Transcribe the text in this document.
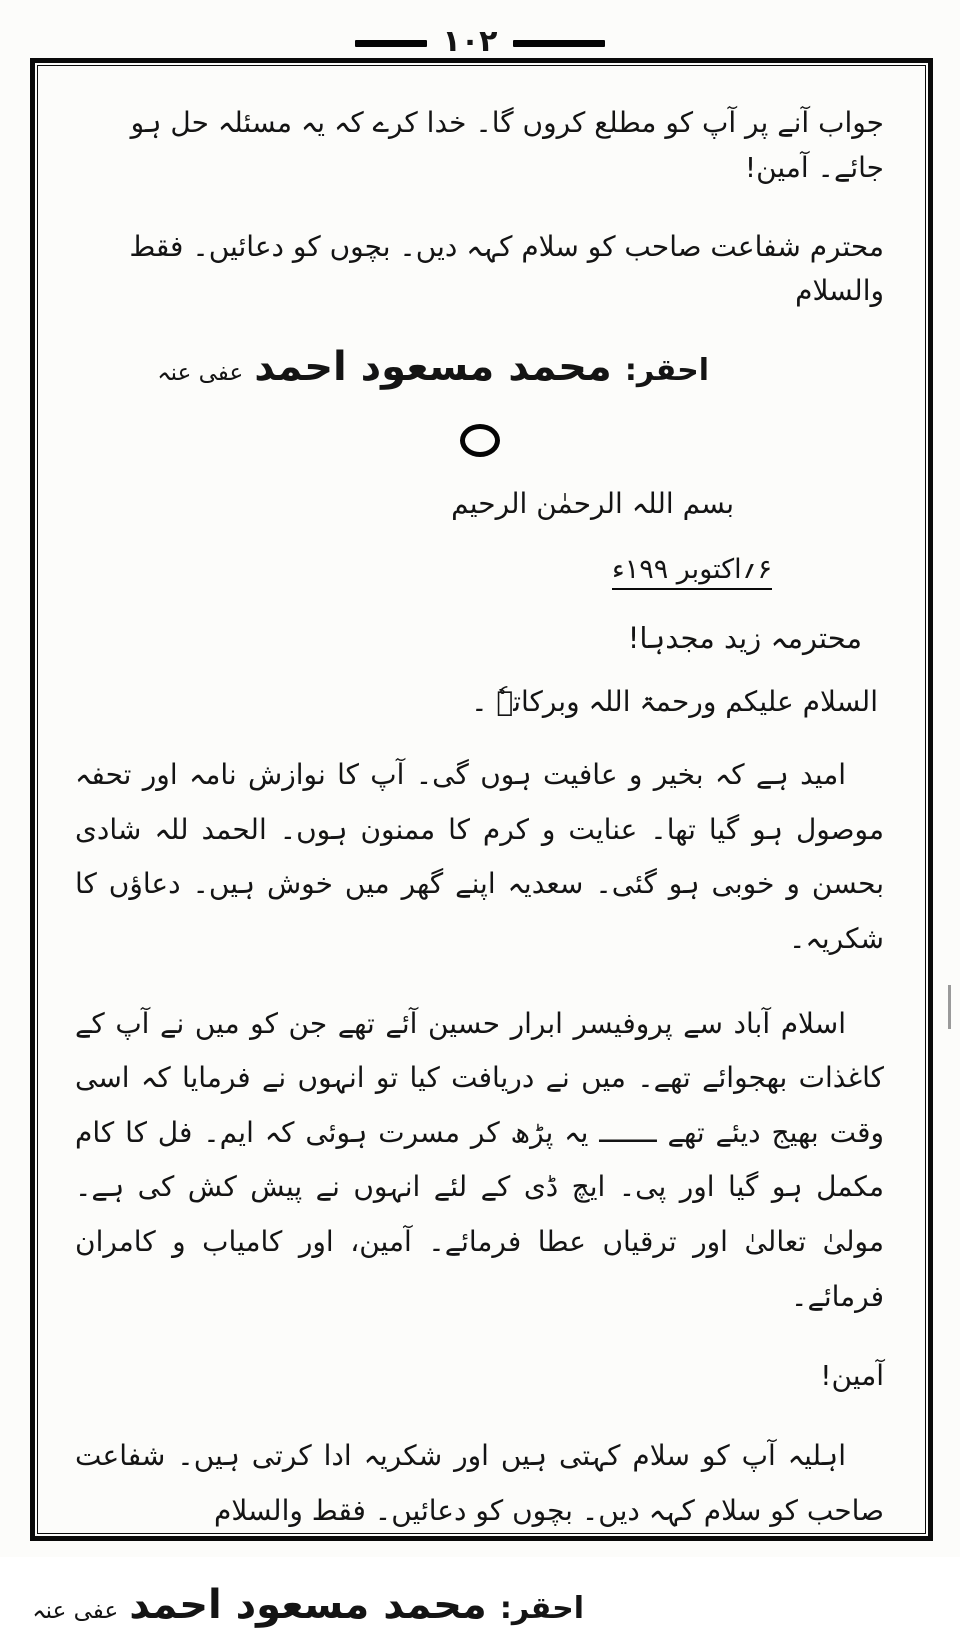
۱۰۲
جواب آنے پر آپ کو مطلع کروں گا۔ خدا کرے کہ یہ مسئلہ حل ہو جائے۔ آمین!
محترم شفاعت صاحب کو سلام کہہ دیں۔ بچوں کو دعائیں۔ فقط والسلام
احقر: محمد مسعود احمد عفی عنہ
بسم اللہ الرحمٰن الرحیم
۶؍اکتوبر ۱۹۹ء
محترمہ زید مجدہا!
السلام علیکم ورحمۃ اللہ وبرکاتہٗ ۔
امید ہے کہ بخیر و عافیت ہوں گی۔ آپ کا نوازش نامہ اور تحفہ موصول ہو گیا تھا۔ عنایت و کرم کا ممنون ہوں۔ الحمد للہ شادی بحسن و خوبی ہو گئی۔ سعدیہ اپنے گھر میں خوش ہیں۔ دعاؤں کا شکریہ۔
اسلام آباد سے پروفیسر ابرار حسین آئے تھے جن کو میں نے آپ کے کاغذات بھجوائے تھے۔ میں نے دریافت کیا تو انہوں نے فرمایا کہ اسی وقت بھیج دیئے تھے ـــــــ یہ پڑھ کر مسرت ہوئی کہ ایم۔ فل کا کام مکمل ہو گیا اور پی۔ ایچ ڈی کے لئے انہوں نے پیش کش کی ہے۔ مولیٰ تعالیٰ اور ترقیاں عطا فرمائے۔ آمین، اور کامیاب و کامران فرمائے۔
آمین!
اہلیہ آپ کو سلام کہتی ہیں اور شکریہ ادا کرتی ہیں۔ شفاعت صاحب کو سلام کہہ دیں۔ بچوں کو دعائیں۔ فقط والسلام
احقر: محمد مسعود احمد عفی عنہ
